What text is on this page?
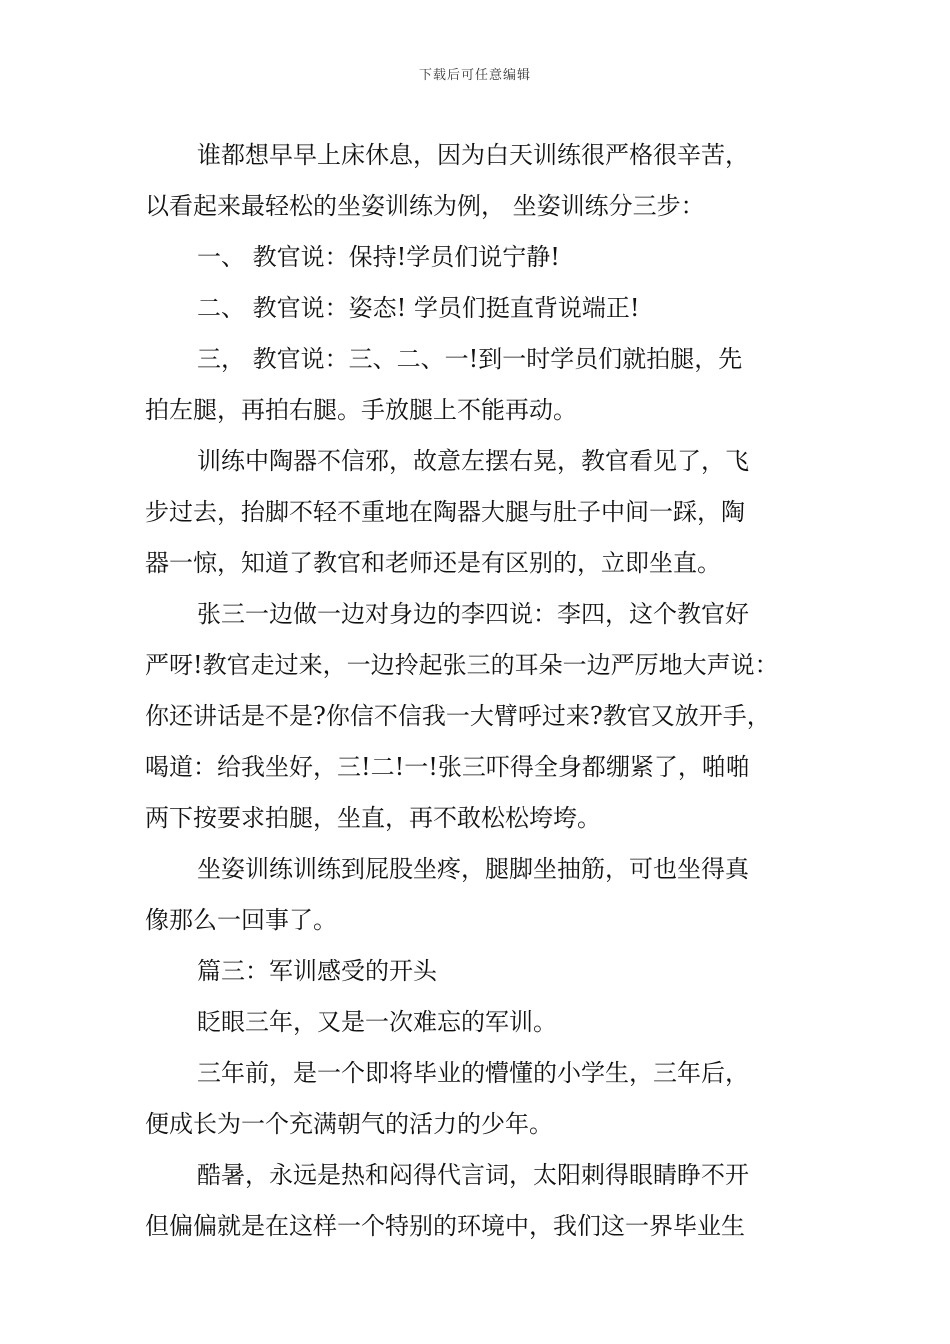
下载后可任意编辑
谁都想早早上床休息，因为白天训练很严格很辛苦，
以看起来最轻松的坐姿训练为例， 坐姿训练分三步：
一、 教官说：保持!学员们说宁静!
二、 教官说：姿态! 学员们挺直背说端正!
三， 教官说：三、二、一!到一时学员们就拍腿，先
拍左腿，再拍右腿。手放腿上不能再动。
训练中陶器不信邪，故意左摆右晃，教官看见了，飞
步过去，抬脚不轻不重地在陶器大腿与肚子中间一踩，陶
器一惊，知道了教官和老师还是有区别的，立即坐直。
张三一边做一边对身边的李四说：李四，这个教官好
严呀!教官走过来，一边拎起张三的耳朵一边严厉地大声说：
你还讲话是不是?你信不信我一大臂呼过来?教官又放开手，
喝道：给我坐好，三!二!一!张三吓得全身都绷紧了，啪啪
两下按要求拍腿，坐直，再不敢松松垮垮。
坐姿训练训练到屁股坐疼，腿脚坐抽筋，可也坐得真
像那么一回事了。
篇三：军训感受的开头
眨眼三年，又是一次难忘的军训。
三年前，是一个即将毕业的懵懂的小学生，三年后，
便成长为一个充满朝气的活力的少年。
酷暑，永远是热和闷得代言词，太阳刺得眼睛睁不开
但偏偏就是在这样一个特别的环境中，我们这一界毕业生
